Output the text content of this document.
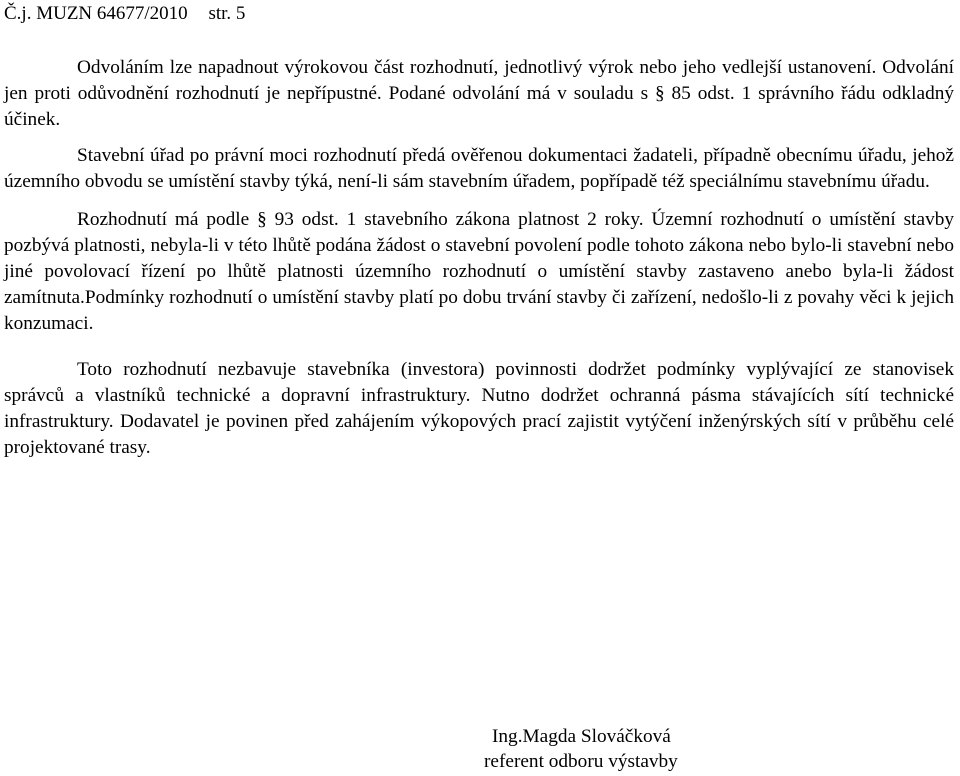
Č.j. MUZN 64677/2010 str. 5

Odvoláním lze napadnout výrokovou část rozhodnutí, jednotlivý výrok nebo jeho vedlejší ustanovení. Odvolání jen proti odůvodnění rozhodnutí je nepřípustné. Podané odvolání má v souladu s § 85 odst. 1 správního řádu odkladný účinek.

Stavební úřad po právní moci rozhodnutí předá ověřenou dokumentaci žadateli, případně obecnímu úřadu, jehož územního obvodu se umístění stavby týká, není-li sám stavebním úřadem, popřípadě též speciálnímu stavebnímu úřadu.

Rozhodnutí má podle § 93 odst. 1 stavebního zákona platnost 2 roky. Územní rozhodnutí o umístění stavby pozbývá platnosti, nebyla-li v této lhůtě podána žádost o stavební povolení podle tohoto zákona nebo bylo-li stavební nebo jiné povolovací řízení po lhůtě platnosti územního rozhodnutí o umístění stavby zastaveno anebo byla-li žádost zamítnuta.Podmínky rozhodnutí o umístění stavby platí po dobu trvání stavby či zařízení, nedošlo-li z povahy věci k jejich konzumaci.

Toto rozhodnutí nezbavuje stavebníka (investora) povinnosti dodržet podmínky vyplývající ze stanovisek správců a vlastníků technické a dopravní infrastruktury. Nutno dodržet ochranná pásma stávajících sítí technické infrastruktury. Dodavatel je povinen před zahájením výkopových prací zajistit vytýčení inženýrských sítí v průběhu celé projektované trasy.

Ing.Magda Slováčková
referent odboru výstavby
